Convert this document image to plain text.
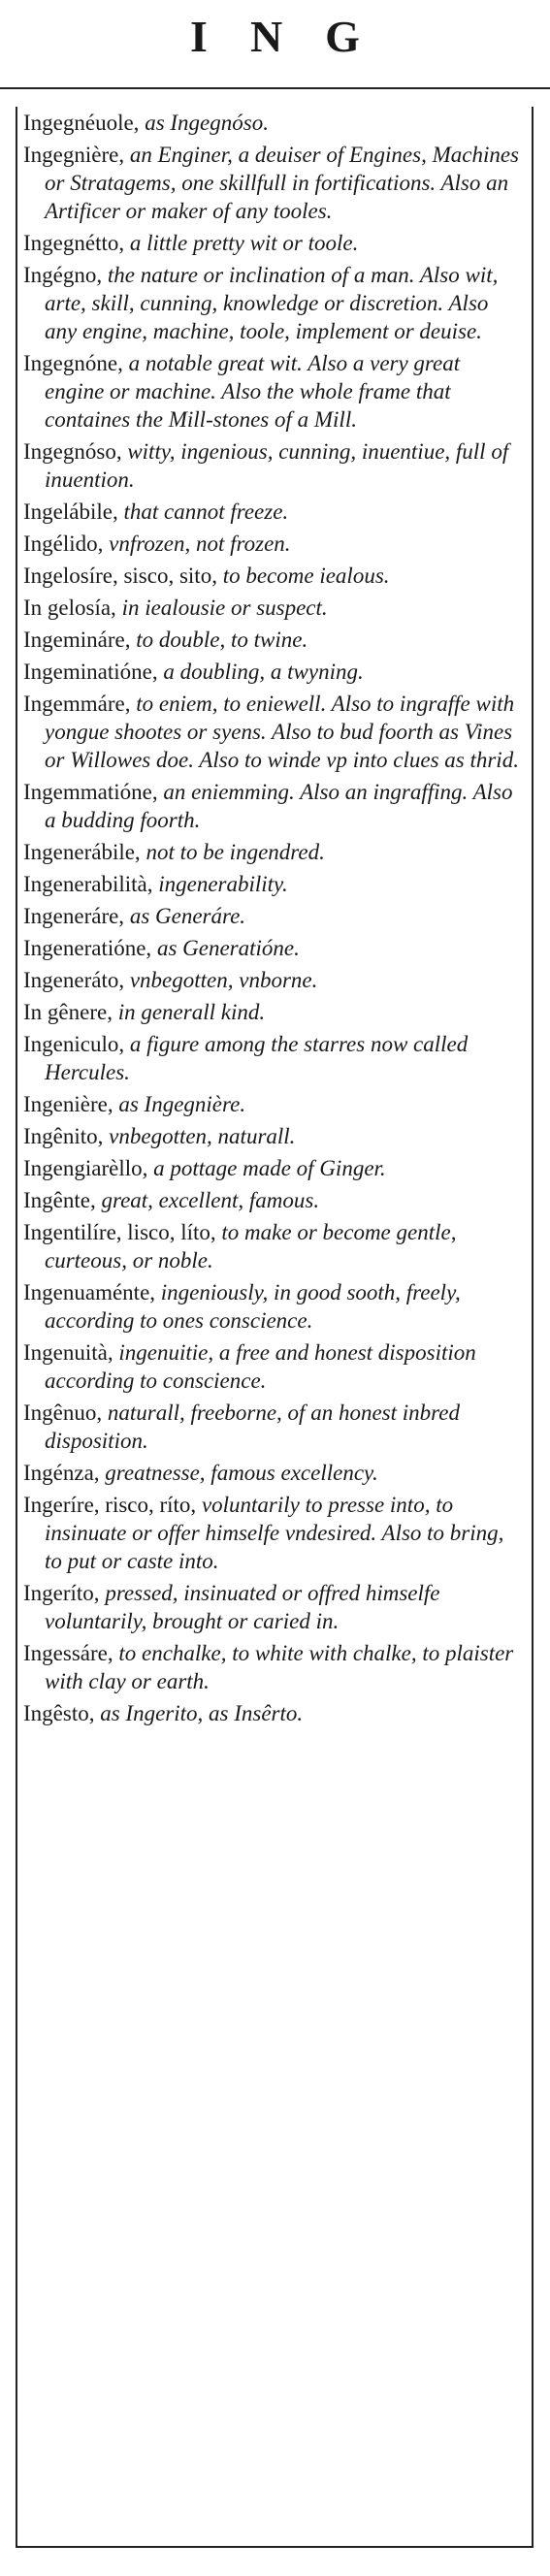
ING
Ingegnéuole, as Ingegnóso.
Ingegnière, an Enginer, a deuiser of Engines, Machines or Stratagems, one skillfull in fortifications. Also an Artificer or maker of any tooles.
Ingegnétto, a little pretty wit or toole.
Ingégno, the nature or inclination of a man. Also wit, arte, skill, cunning, knowledge or discretion. Also any engine, machine, toole, implement or deuise.
Ingegnóne, a notable great wit. Also a very great engine or machine. Also the whole frame that containes the Mill-stones of a Mill.
Ingegnóso, witty, ingenious, cunning, inuentiue, full of inuention.
Ingelábile, that cannot freeze.
Ingélido, vnfrozen, not frozen.
Ingelosíre, sisco, sito, to become iealous.
In gelosía, in iealousie or suspect.
Ingemináre, to double, to twine.
Ingeminatióne, a doubling, a twyning.
Ingemmáre, to eniem, to eniewell. Also to ingraffe with yongue shootes or syens. Also to bud foorth as Vines or Willowes doe. Also to winde vp into clues as thrid.
Ingemmatióne, an eniemming. Also an ingraffing. Also a budding foorth.
Ingenerábile, not to be ingendred.
Ingenerabilità, ingenerability.
Ingeneráre, as Generáre.
Ingeneratióne, as Generatióne.
Ingeneráto, vnbegotten, vnborne.
In gênere, in generall kind.
Ingeniculo, a figure among the starres now called Hercules.
Ingenière, as Ingegnière.
Ingênito, vnbegotten, naturall.
Ingengiarèllo, a pottage made of Ginger.
Ingênte, great, excellent, famous.
Ingentilíre, lisco, líto, to make or become gentle, curteous, or noble.
Ingenuaménte, ingeniously, in good sooth, freely, according to ones conscience.
Ingenuità, ingenuitie, a free and honest disposition according to conscience.
Ingênuo, naturall, freeborne, of an honest inbred disposition.
Ingénza, greatnesse, famous excellency.
Ingeríre, risco, ríto, voluntarily to presse into, to insinuate or offer himselfe vndesired. Also to bring, to put or caste into.
Ingeríto, pressed, insinuated or offred himselfe voluntarily, brought or caried in.
Ingessáre, to enchalke, to white with chalke, to plaister with clay or earth.
Ingêsto, as Ingerito, as Insêrto.
